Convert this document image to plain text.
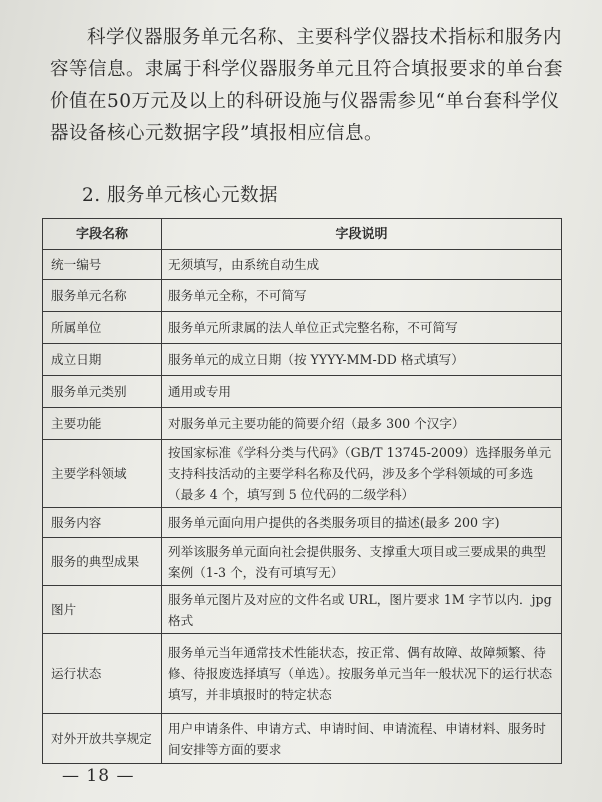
科学仪器服务单元名称、主要科学仪器技术指标和服务内容等信息。隶属于科学仪器服务单元且符合填报要求的单台套价值在50万元及以上的科研设施与仪器需参见“单台套科学仪器设备核心元数据字段”填报相应信息。

2. 服务单元核心元数据
字段名称	字段说明
统一编号	无须填写，由系统自动生成
服务单元名称	服务单元全称，不可简写
所属单位	服务单元所隶属的法人单位正式完整名称，不可简写
成立日期	服务单元的成立日期（按 YYYY-MM-DD 格式填写）
服务单元类别	通用或专用
主要功能	对服务单元主要功能的简要介绍（最多 300 个汉字）
主要学科领域	按国家标准《学科分类与代码》（GB/T 13745-2009）选择服务单元支持科技活动的主要学科名称及代码，涉及多个学科领域的可多选（最多 4 个，填写到 5 位代码的二级学科）
服务内容	服务单元面向用户提供的各类服务项目的描述(最多 200 字)
服务的典型成果	列举该服务单元面向社会提供服务、支撑重大项目或三要成果的典型案例（1-3 个，没有可填写无）
图片	服务单元图片及对应的文件名或 URL，图片要求 1M 字节以内．jpg 格式
运行状态	服务单元当年通常技术性能状态，按正常、偶有故障、故障频繁、待修、待报废选择填写（单选）。按服务单元当年一般状况下的运行状态填写，并非填报时的特定状态
对外开放共享规定	用户申请条件、申请方式、申请时间、申请流程、申请材料、服务时间安排等方面的要求
— 18 —
